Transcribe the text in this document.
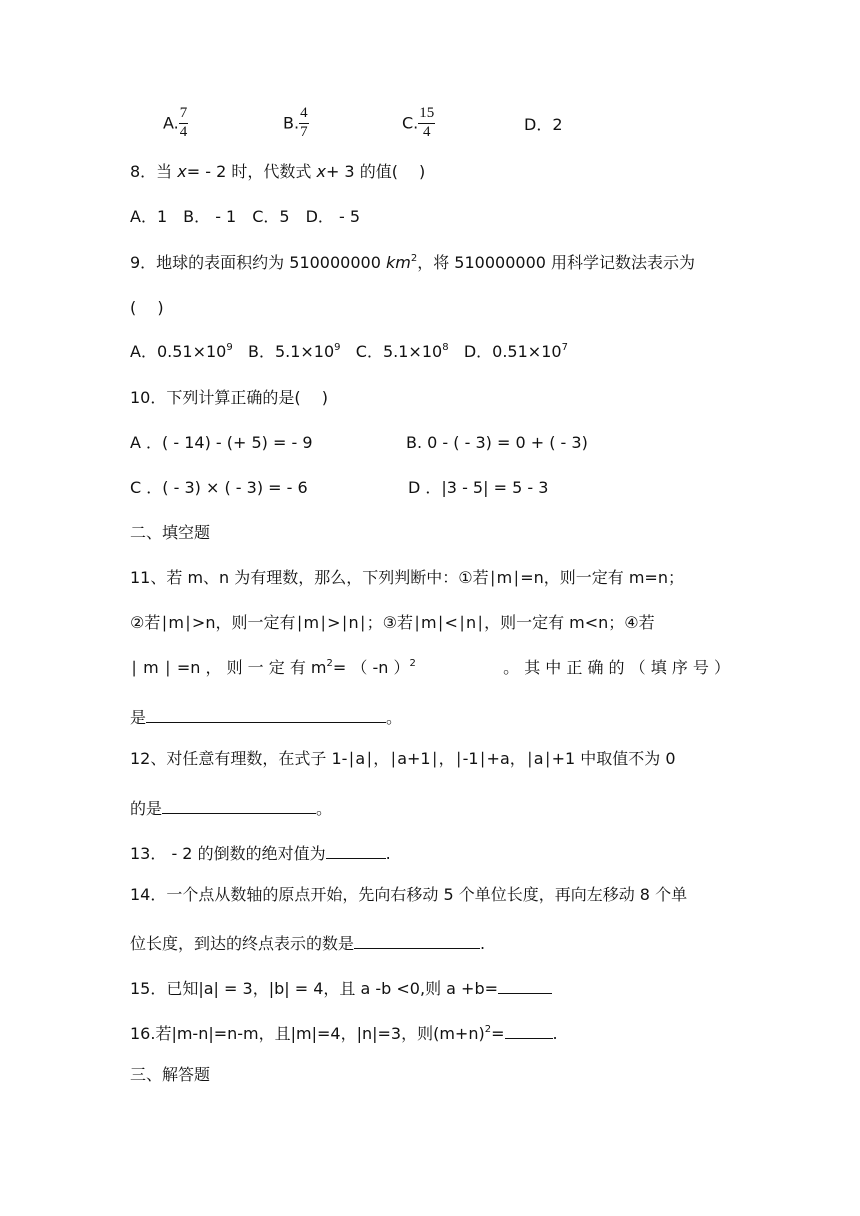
A. $\frac{7}{4}$	B. $\frac{4}{7}$	C. $\frac{15}{4}$	D．2
8．当 x= ‐ 2 时，代数式 x+ 3 的值(　 )
A．1　B． ‐ 1　C．5　D． ‐ 5
9．地球的表面积约为 510000000 $km^2$，将 510000000 用科学记数法表示为
(　 )
A．$0.51\times 10^9$   B．$5.1\times 10^9$   C．$5.1\times 10^8$   D．$0.51\times 10^7$
10．下列计算正确的是(　 )
A ．( ‐ 14) ‐ (+ 5) = ‐ 9	B. 0 ‐ ( ‐ 3) = 0 + ( ‐ 3)
C ．( ‐ 3) × ( ‐ 3) = ‐ 6	D ．|3 ‐ 5| = 5 ‐ 3
二、填空题
11、若 m、n 为有理数，那么，下列判断中：①若∣m∣=n，则一定有 m=n；
②若∣m∣>n，则一定有∣m∣>∣n∣；③若∣m∣<∣n∣，则一定有 m<n；④若
∣ m ∣ =n ， 则 一 定 有 $m^2=$ （ -n ）$^2$	。 其 中 正 确 的 （ 填 序 号 ）
是	。
12、对任意有理数，在式子 1-∣a∣，∣a+1∣，∣-1∣+a，∣a∣+1 中取值不为 0
的是	。
13． ‐ 2 的倒数的绝对值为	.
14．一个点从数轴的原点开始，先向右移动 5 个单位长度，再向左移动 8 个单
位长度，到达的终点表示的数是	.
15．已知|a| = 3，|b| = 4，且 a -b <0,则 a +b=
16.若|m-n|=n-m，且|m|=4，|n|=3，则$(m+n)^2=$	.
三、解答题
